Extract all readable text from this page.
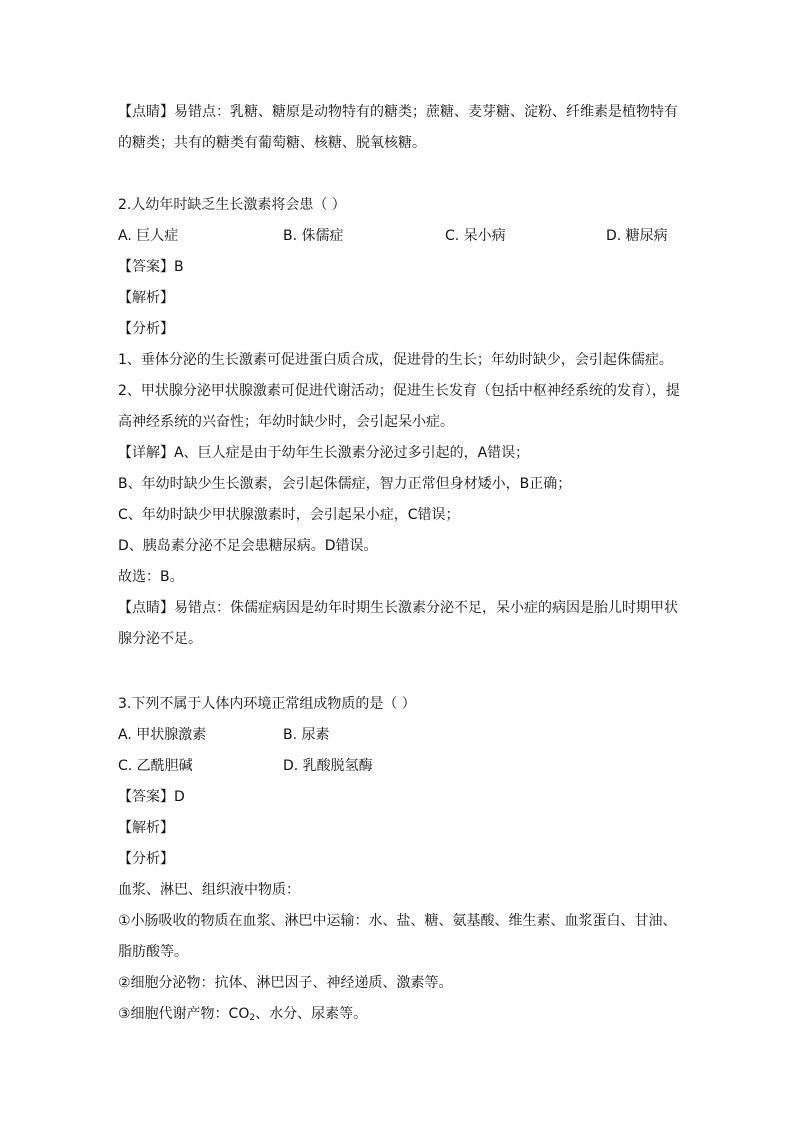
【点睛】易错点：乳糖、糖原是动物特有的糖类；蔗糖、麦芽糖、淀粉、纤维素是植物特有
的糖类；共有的糖类有葡萄糖、核糖、脱氧核糖。
2.人幼年时缺乏生长激素将会患（ ）
A. 巨人症	B. 侏儒症	C. 呆小病	D. 糖尿病
【答案】B
【解析】
【分析】
1、垂体分泌的生长激素可促进蛋白质合成，促进骨的生长；年幼时缺少，会引起侏儒症。
2、甲状腺分泌甲状腺激素可促进代谢活动；促进生长发育（包括中枢神经系统的发育），提
高神经系统的兴奋性；年幼时缺少时，会引起呆小症。
【详解】A、巨人症是由于幼年生长激素分泌过多引起的，A错误；
B、年幼时缺少生长激素，会引起侏儒症，智力正常但身材矮小，B正确；
C、年幼时缺少甲状腺激素时，会引起呆小症，C错误；
D、胰岛素分泌不足会患糖尿病。D错误。
故选：B。
【点睛】易错点：侏儒症病因是幼年时期生长激素分泌不足，呆小症的病因是胎儿时期甲状
腺分泌不足。
3.下列不属于人体内环境正常组成物质的是（ ）
A. 甲状腺激素	B. 尿素
C. 乙酰胆碱	D. 乳酸脱氢酶
【答案】D
【解析】
【分析】
血浆、淋巴、组织液中物质：
①小肠吸收的物质在血浆、淋巴中运输：水、盐、糖、氨基酸、维生素、血浆蛋白、甘油、
脂肪酸等。
②细胞分泌物：抗体、淋巴因子、神经递质、激素等。
③细胞代谢产物：$CO_2$、水分、尿素等。
